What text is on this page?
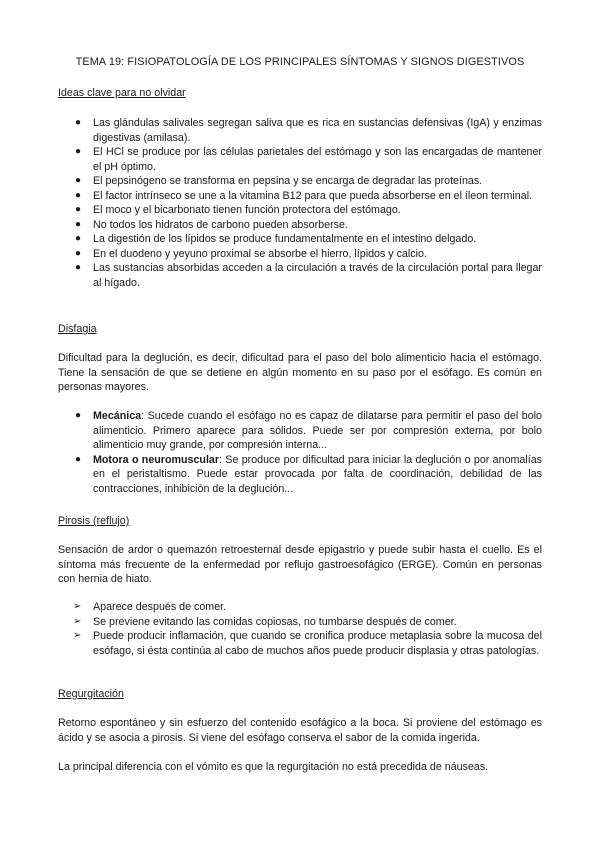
TEMA 19: FISIOPATOLOGÍA DE LOS PRINCIPALES SÍNTOMAS Y SIGNOS DIGESTIVOS
Ideas clave para no olvidar
●	Las glándulas salivales segregan saliva que es rica en sustancias defensivas (IgA) y enzimas digestivas (amilasa).
●	El HCl se produce por las células parietales del estómago y son las encargadas de mantener el pH óptimo.
●	El pepsinógeno se transforma en pepsina y se encarga de degradar las proteínas.
●	El factor intrínseco se une a la vitamina B12 para que pueda absorberse en el íleon terminal.
●	El moco y el bicarbonato tienen función protectora del estómago.
●	No todos los hidratos de carbono pueden absorberse.
●	La digestión de los lípidos se produce fundamentalmente en el intestino delgado.
●	En el duodeno y yeyuno proximal se absorbe el hierro, lípidos y calcio.
●	Las sustancias absorbidas acceden a la circulación a través de la circulación portal para llegar al hígado.
Disfagia
Dificultad para la deglución, es decir, dificultad para el paso del bolo alimenticio hacia el estómago. Tiene la sensación de que se detiene en algún momento en su paso por el esófago. Es común en personas mayores.
●	Mecánica: Sucede cuando el esófago no es capaz de dilatarse para permitir el paso del bolo alimenticio. Primero aparece para sólidos. Puede ser por compresión externa, por bolo alimenticio muy grande, por compresión interna...
●	Motora o neuromuscular: Se produce por dificultad para iniciar la deglución o por anomalías en el peristaltismo. Puede estar provocada por falta de coordinación, debilidad de las contracciones, inhibición de la deglución...
Pirosis (reflujo)
Sensación de ardor o quemazón retroesternal desde epigastrio y puede subir hasta el cuello. Es el síntoma más frecuente de la enfermedad por reflujo gastroesofágico (ERGE). Común en personas con hernia de hiato.
➢	Aparece después de comer.
➢	Se previene evitando las comidas copiosas, no tumbarse después de comer.
➢	Puede producir inflamación, que cuando se cronifica produce metaplasia sobre la mucosa del esófago, si ésta continúa al cabo de muchos años puede producir displasia y otras patologías.
Regurgitación
Retorno espontáneo y sin esfuerzo del contenido esofágico a la boca. Si proviene del estómago es ácido y se asocia a pirosis. Si viene del esófago conserva el sabor de la comida ingerida.
La principal diferencia con el vómito es que la regurgitación no está precedida de náuseas.
